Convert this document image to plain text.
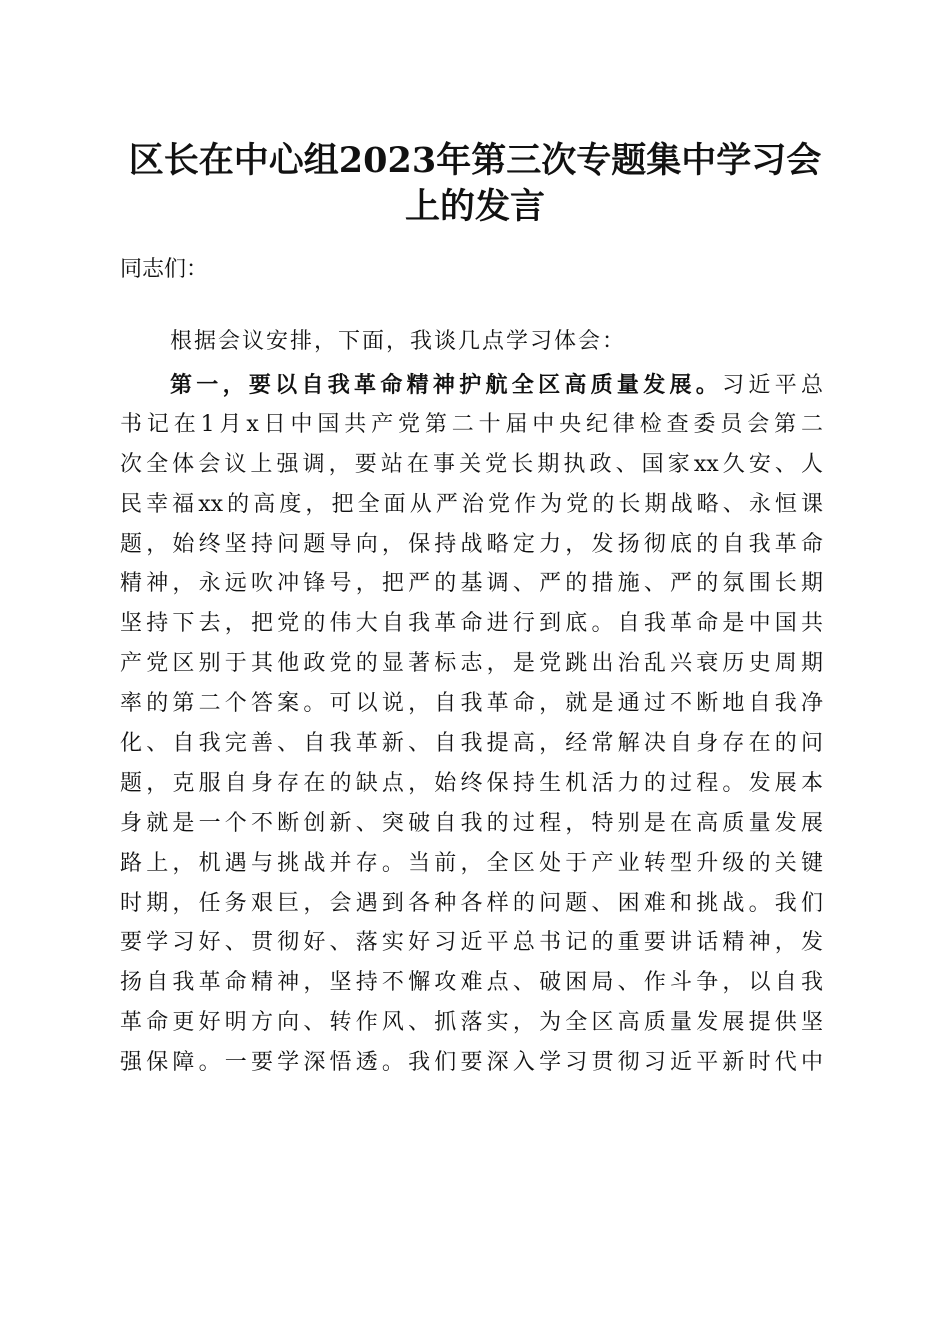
区长在中心组2023年第三次专题集中学习会
上的发言
同志们：
根据会议安排，下面，我谈几点学习体会：
第一，要以自我革命精神护航全区高质量发展。习近平总
书记在1月x日中国共产党第二十届中央纪律检查委员会第二
次全体会议上强调，要站在事关党长期执政、国家xx久安、人
民幸福xx的高度，把全面从严治党作为党的长期战略、永恒课
题，始终坚持问题导向，保持战略定力，发扬彻底的自我革命
精神，永远吹冲锋号，把严的基调、严的措施、严的氛围长期
坚持下去，把党的伟大自我革命进行到底。自我革命是中国共
产党区别于其他政党的显著标志，是党跳出治乱兴衰历史周期
率的第二个答案。可以说，自我革命，就是通过不断地自我净
化、自我完善、自我革新、自我提高，经常解决自身存在的问
题，克服自身存在的缺点，始终保持生机活力的过程。发展本
身就是一个不断创新、突破自我的过程，特别是在高质量发展
路上，机遇与挑战并存。当前，全区处于产业转型升级的关键
时期，任务艰巨，会遇到各种各样的问题、困难和挑战。我们
要学习好、贯彻好、落实好习近平总书记的重要讲话精神，发
扬自我革命精神，坚持不懈攻难点、破困局、作斗争，以自我
革命更好明方向、转作风、抓落实，为全区高质量发展提供坚
强保障。一要学深悟透。我们要深入学习贯彻习近平新时代中
